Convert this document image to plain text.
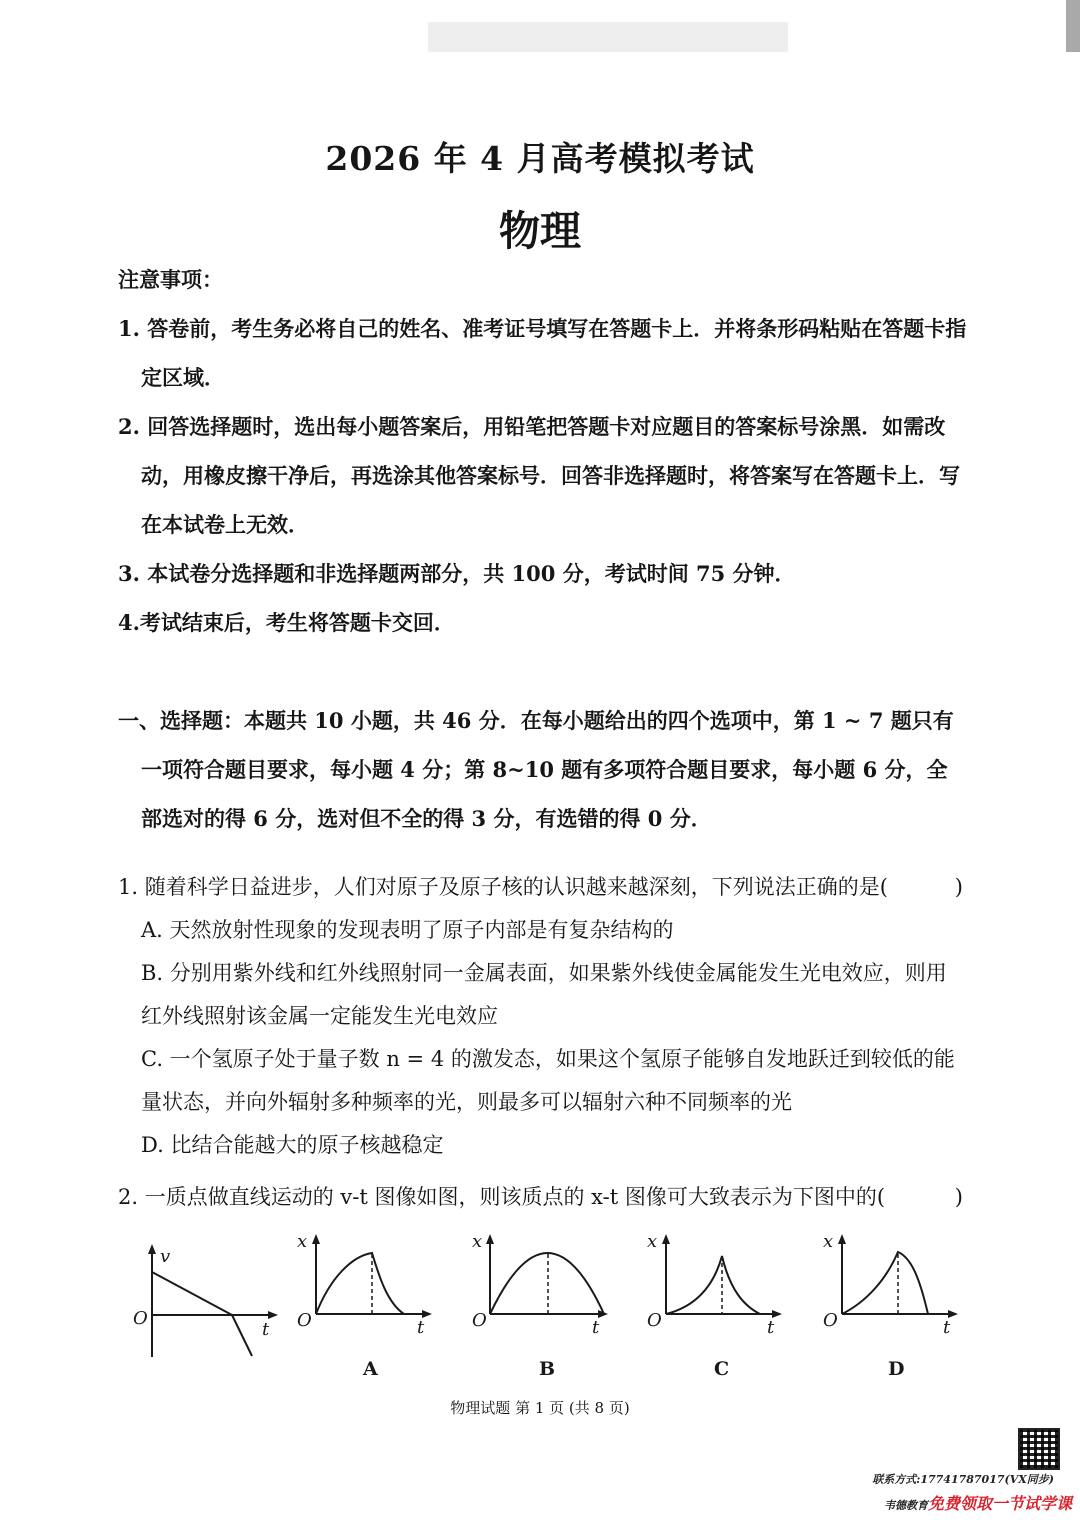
2026 年 4 月高考模拟考试
物理
注意事项：
1. 答卷前，考生务必将自己的姓名、准考证号填写在答题卡上．并将条形码粘贴在答题卡指定区域．
2. 回答选择题时，选出每小题答案后，用铅笔把答题卡对应题目的答案标号涂黑．如需改动，用橡皮擦干净后，再选涂其他答案标号．回答非选择题时，将答案写在答题卡上．写在本试卷上无效．
3. 本试卷分选择题和非选择题两部分，共 100 分，考试时间 75 分钟．
4.考试结束后，考生将答题卡交回．
一、选择题：本题共 10 小题，共 46 分．在每小题给出的四个选项中，第 1 ~ 7 题只有一项符合题目要求，每小题 4 分；第 8~10 题有多项符合题目要求，每小题 6 分，全部选对的得 6 分，选对但不全的得 3 分，有选错的得 0 分．
1. 随着科学日益进步，人们对原子及原子核的认识越来越深刻，下列说法正确的是(	)
A. 天然放射性现象的发现表明了原子内部是有复杂结构的
B. 分别用紫外线和红外线照射同一金属表面，如果紫外线使金属能发生光电效应，则用红外线照射该金属一定能发生光电效应
C. 一个氢原子处于量子数 n = 4 的激发态，如果这个氢原子能够自发地跃迁到较低的能量状态，并向外辐射多种频率的光，则最多可以辐射六种不同频率的光
D. 比结合能越大的原子核越稳定
2. 一质点做直线运动的 v-t 图像如图，则该质点的 x-t 图像可大致表示为下图中的(	)
v
t
O
x
t
O
A
x
t
O
B
x
t
O
C
x
t
O
D

物理试题 第 1 页 (共 8 页)

联系方式:17741787017(VX同步)

韦德教育免费领取一节试学课
